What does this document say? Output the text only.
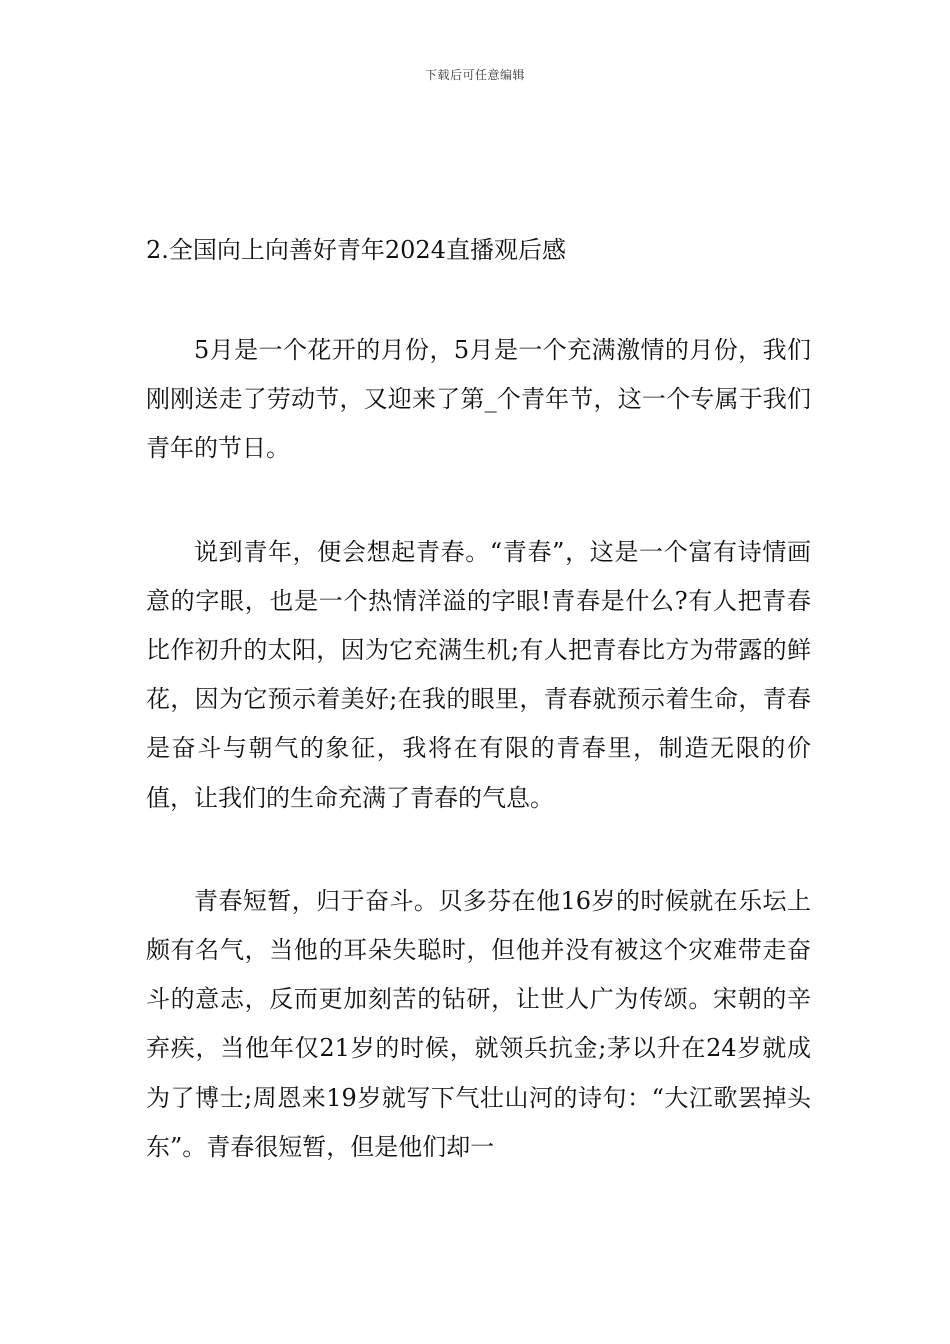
下载后可任意编辑
2.全国向上向善好青年2024直播观后感

5月是一个花开的月份，5月是一个充满激情的月份，我们刚刚送走了劳动节，又迎来了第_个青年节，这一个专属于我们青年的节日。

说到青年，便会想起青春。“青春”，这是一个富有诗情画意的字眼，也是一个热情洋溢的字眼!青春是什么?有人把青春比作初升的太阳，因为它充满生机;有人把青春比方为带露的鲜花，因为它预示着美好;在我的眼里，青春就预示着生命，青春是奋斗与朝气的象征，我将在有限的青春里，制造无限的价值，让我们的生命充满了青春的气息。

青春短暂，归于奋斗。贝多芬在他16岁的时候就在乐坛上颇有名气，当他的耳朵失聪时，但他并没有被这个灾难带走奋斗的意志，反而更加刻苦的钻研，让世人广为传颂。宋朝的辛弃疾，当他年仅21岁的时候，就领兵抗金;茅以升在24岁就成为了博士;周恩来19岁就写下气壮山河的诗句：“大江歌罢掉头东”。青春很短暂，但是他们却一
